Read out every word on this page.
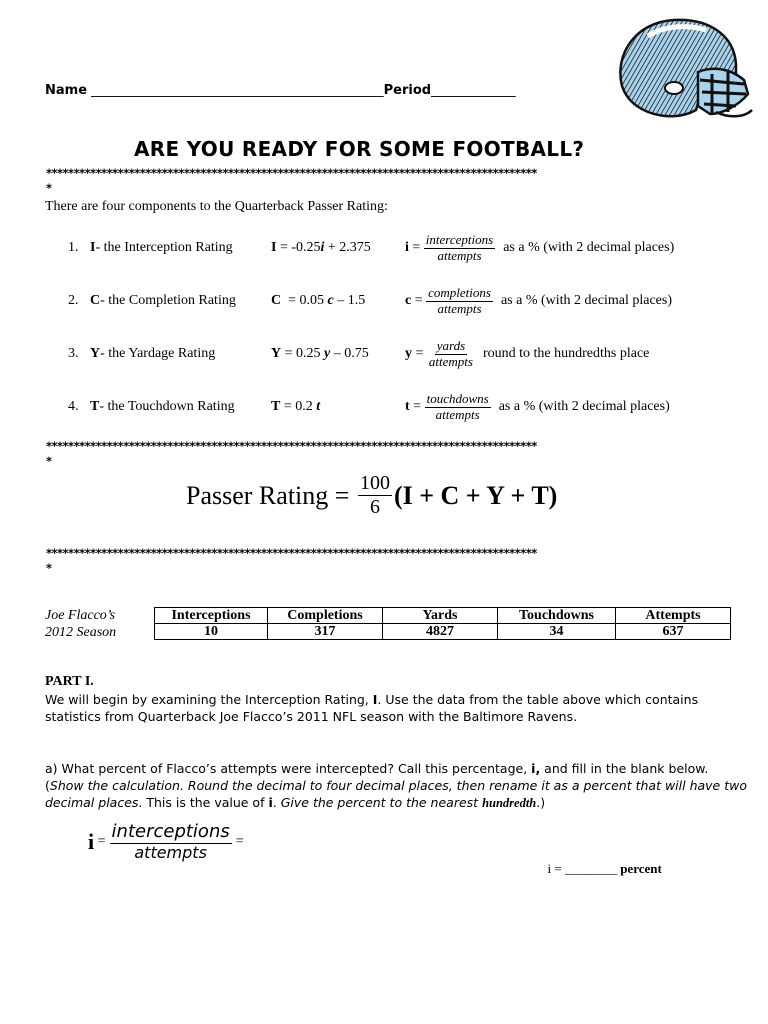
Name _____________________________________________Period_____________
ARE YOU READY FOR SOME FOOTBALL?
*****************************************************************************************
*
There are four components to the Quarterback Passer Rating:
1. I- the Interception Rating	I = -0.25i + 2.375 $i = \frac{\text{interceptions}}{\text{attempts}}$ as a % (with 2 decimal places)
2. C- the Completion Rating	C  = 0.05 c – 1.5	$c = \frac{\text{completions}}{\text{attempts}}$ as a % (with 2 decimal places)
3. Y- the Yardage Rating	Y = 0.25 y – 0.75	$y = \frac{\text{yards}}{\text{attempts}}$ round to the hundredths place
4. T- the Touchdown Rating	T = 0.2 t	$t = \frac{\text{touchdowns}}{\text{attempts}}$ as a % (with 2 decimal places)
*****************************************************************************************
*
Passer Rating = $\frac{100}{6} (I + C + Y + T)$
*****************************************************************************************
*
Joe Flacco’s
2012 Season
Interceptions	Completions	Yards	Touchdowns	Attempts
10	317	4827	34	637
PART I.
We will begin by examining the Interception Rating, I. Use the data from the table above which contains
statistics from Quarterback Joe Flacco’s 2011 NFL season with the Baltimore Ravens.
a) What percent of Flacco’s attempts were intercepted? Call this percentage, i, and fill in the blank below.
(Show the calculation. Round the decimal to four decimal places, then rename it as a percent that will have two
decimal places. This is the value of i. Give the percent to the nearest hundredth.)
$i = \frac{\text{interceptions}}{\text{attempts}}$ =

i = ________ percent
